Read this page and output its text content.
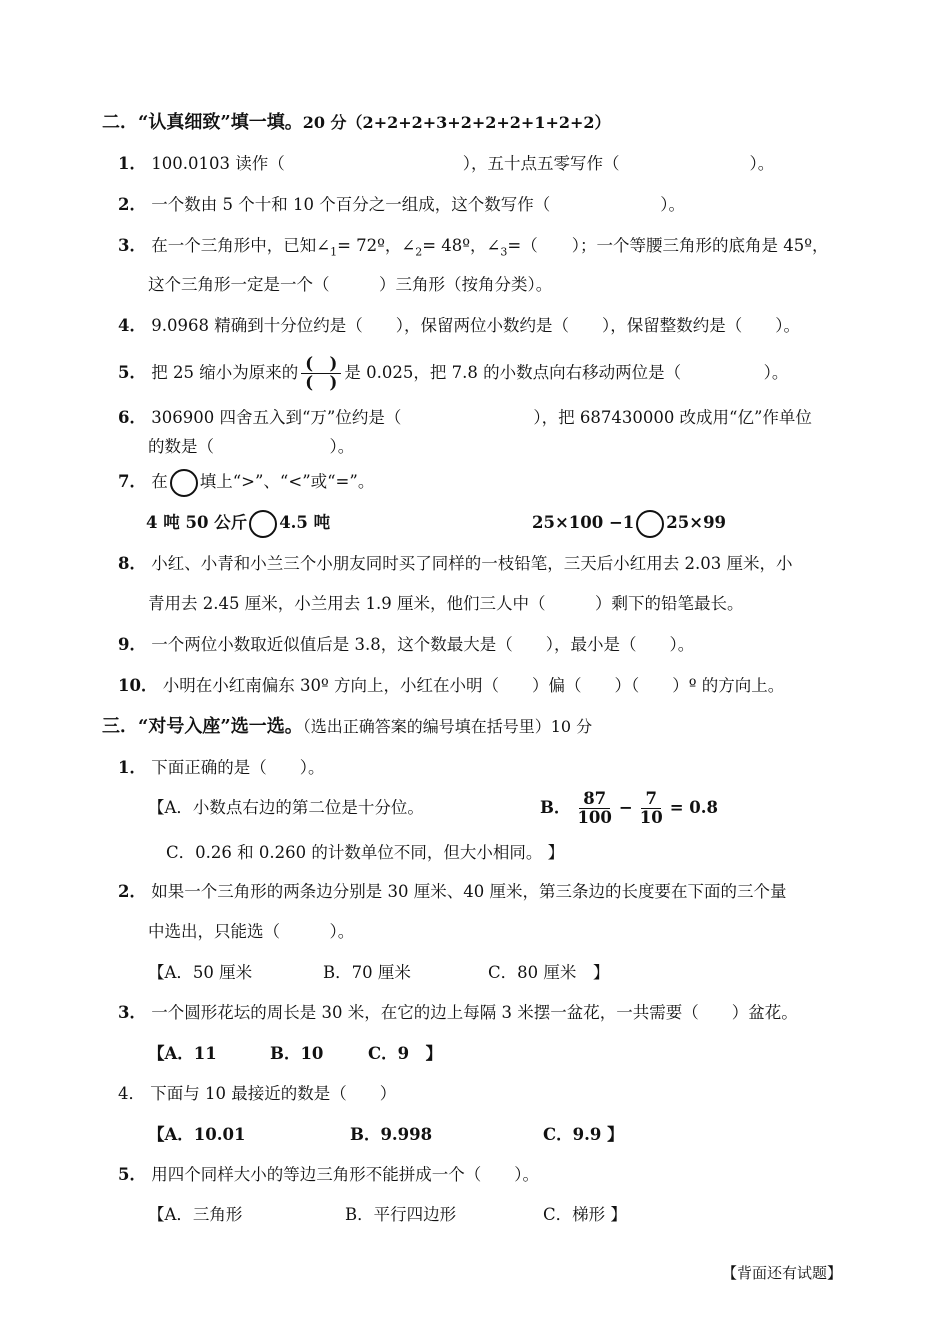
二．“认真细致”填一填。20 分（2+2+2+3+2+2+2+1+2+2）
1． 100.0103 读作（	），五十点五零写作（	）。
2． 一个数由 5 个十和 10 个百分之一组成，这个数写作（	）。
3． 在一个三角形中，已知$\angle_1=$ 72º，$\angle_2=$ 48º，$\angle_3=$（ ）；一个等腰三角形的底角是 45º，
这个三角形一定是一个（　　　）三角形（按角分类）。
4． 9.0968 精确到十分位约是（　　），保留两位小数约是（　　），保留整数约是（　　）。
5． 把 25 缩小为原来的 $\frac{( )}{( )}$ 是 0.025，把 7.8 的小数点向右移动两位是（　　　　　）。
6． 306900 四舍五入到“万”位约是（　　　　　　　　），把 687430000 改成用“亿”作单位
的数是（　　　　　　　）。
7． 在 填上“>”、“<”或“=”。
4 吨 50 公斤 4.5 吨	25×100 −1 25×99
8． 小红、小青和小兰三个小朋友同时买了同样的一枝铅笔，三天后小红用去 2.03 厘米，小
青用去 2.45 厘米，小兰用去 1.9 厘米，他们三人中（　　　）剩下的铅笔最长。
9． 一个两位小数取近似值后是 3.8，这个数最大是（　　），最小是（　　）。
10． 小明在小红南偏东 30º 方向上，小红在小明（　　）偏（　　）（　　）º 的方向上。
三．“对号入座”选一选。（选出正确答案的编号填在括号里）10 分
1． 下面正确的是（　　）。
【A．小数点右边的第二位是十分位。	B． $\frac{87}{100} - \frac{7}{10} = 0.8$
C．0.26 和 0.260 的计数单位不同，但大小相同。 】
2． 如果一个三角形的两条边分别是 30 厘米、40 厘米，第三条边的长度要在下面的三个量
中选出，只能选（　　　）。
【A．50 厘米	B．70 厘米	C．80 厘米　】
3． 一个圆形花坛的周长是 30 米，在它的边上每隔 3 米摆一盆花，一共需要（　　）盆花。
【A．11	B．10	C．9　】
4． 下面与 10 最接近的数是（　　）
【A．10.01	B．9.998	C．9.9 】
5． 用四个同样大小的等边三角形不能拼成一个（　　）。
【A．三角形	B．平行四边形	C．梯形 】
【背面还有试题】
